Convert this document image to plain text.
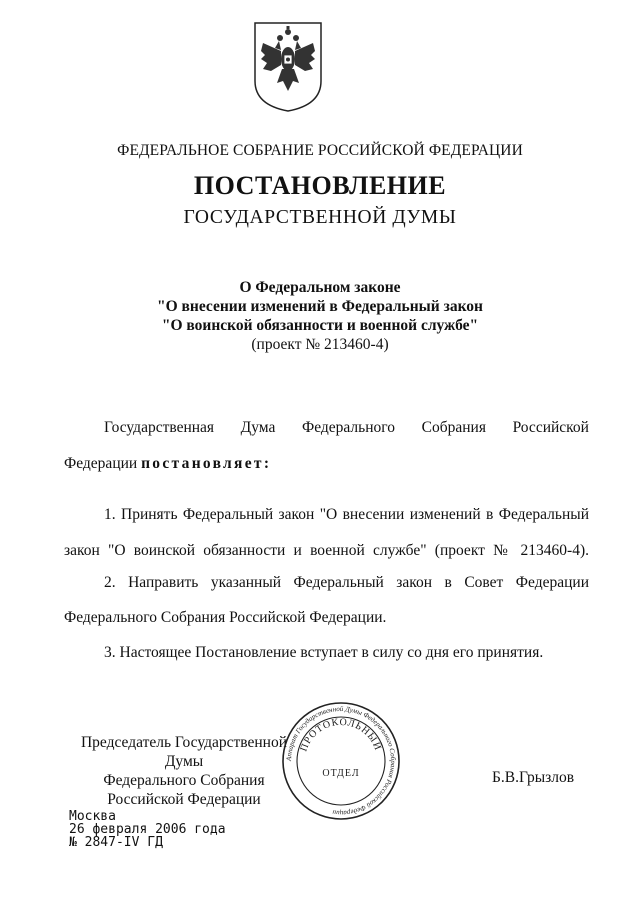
ФЕДЕРАЛЬНОЕ СОБРАНИЕ РОССИЙСКОЙ ФЕДЕРАЦИИ
ПОСТАНОВЛЕНИЕ
ГОСУДАРСТВЕННОЙ ДУМЫ
О Федеральном законе
"О внесении изменений в Федеральный закон
"О воинской обязанности и военной службе"
(проект № 213460-4)
Государственная Дума Федерального Собрания Российской
Федерации постановляет:
1. Принять Федеральный закон "О внесении изменений в Федеральный
закон "О воинской обязанности и военной службе" (проект № 213460-4).
2. Направить указанный Федеральный закон в Совет Федерации
Федерального Собрания Российской Федерации.
3. Настоящее Постановление вступает в силу со дня его принятия.
Председатель Государственной Думы
Федерального Собрания
Российской Федерации
Б.В.Грызлов
Аппарат Государственной Думы Федерального Собрания Российской Федерации
ПРОТОКОЛЬНЫЙ
ОТДЕЛ
Москва
26 февраля 2006 года
№ 2847-IV ГД
